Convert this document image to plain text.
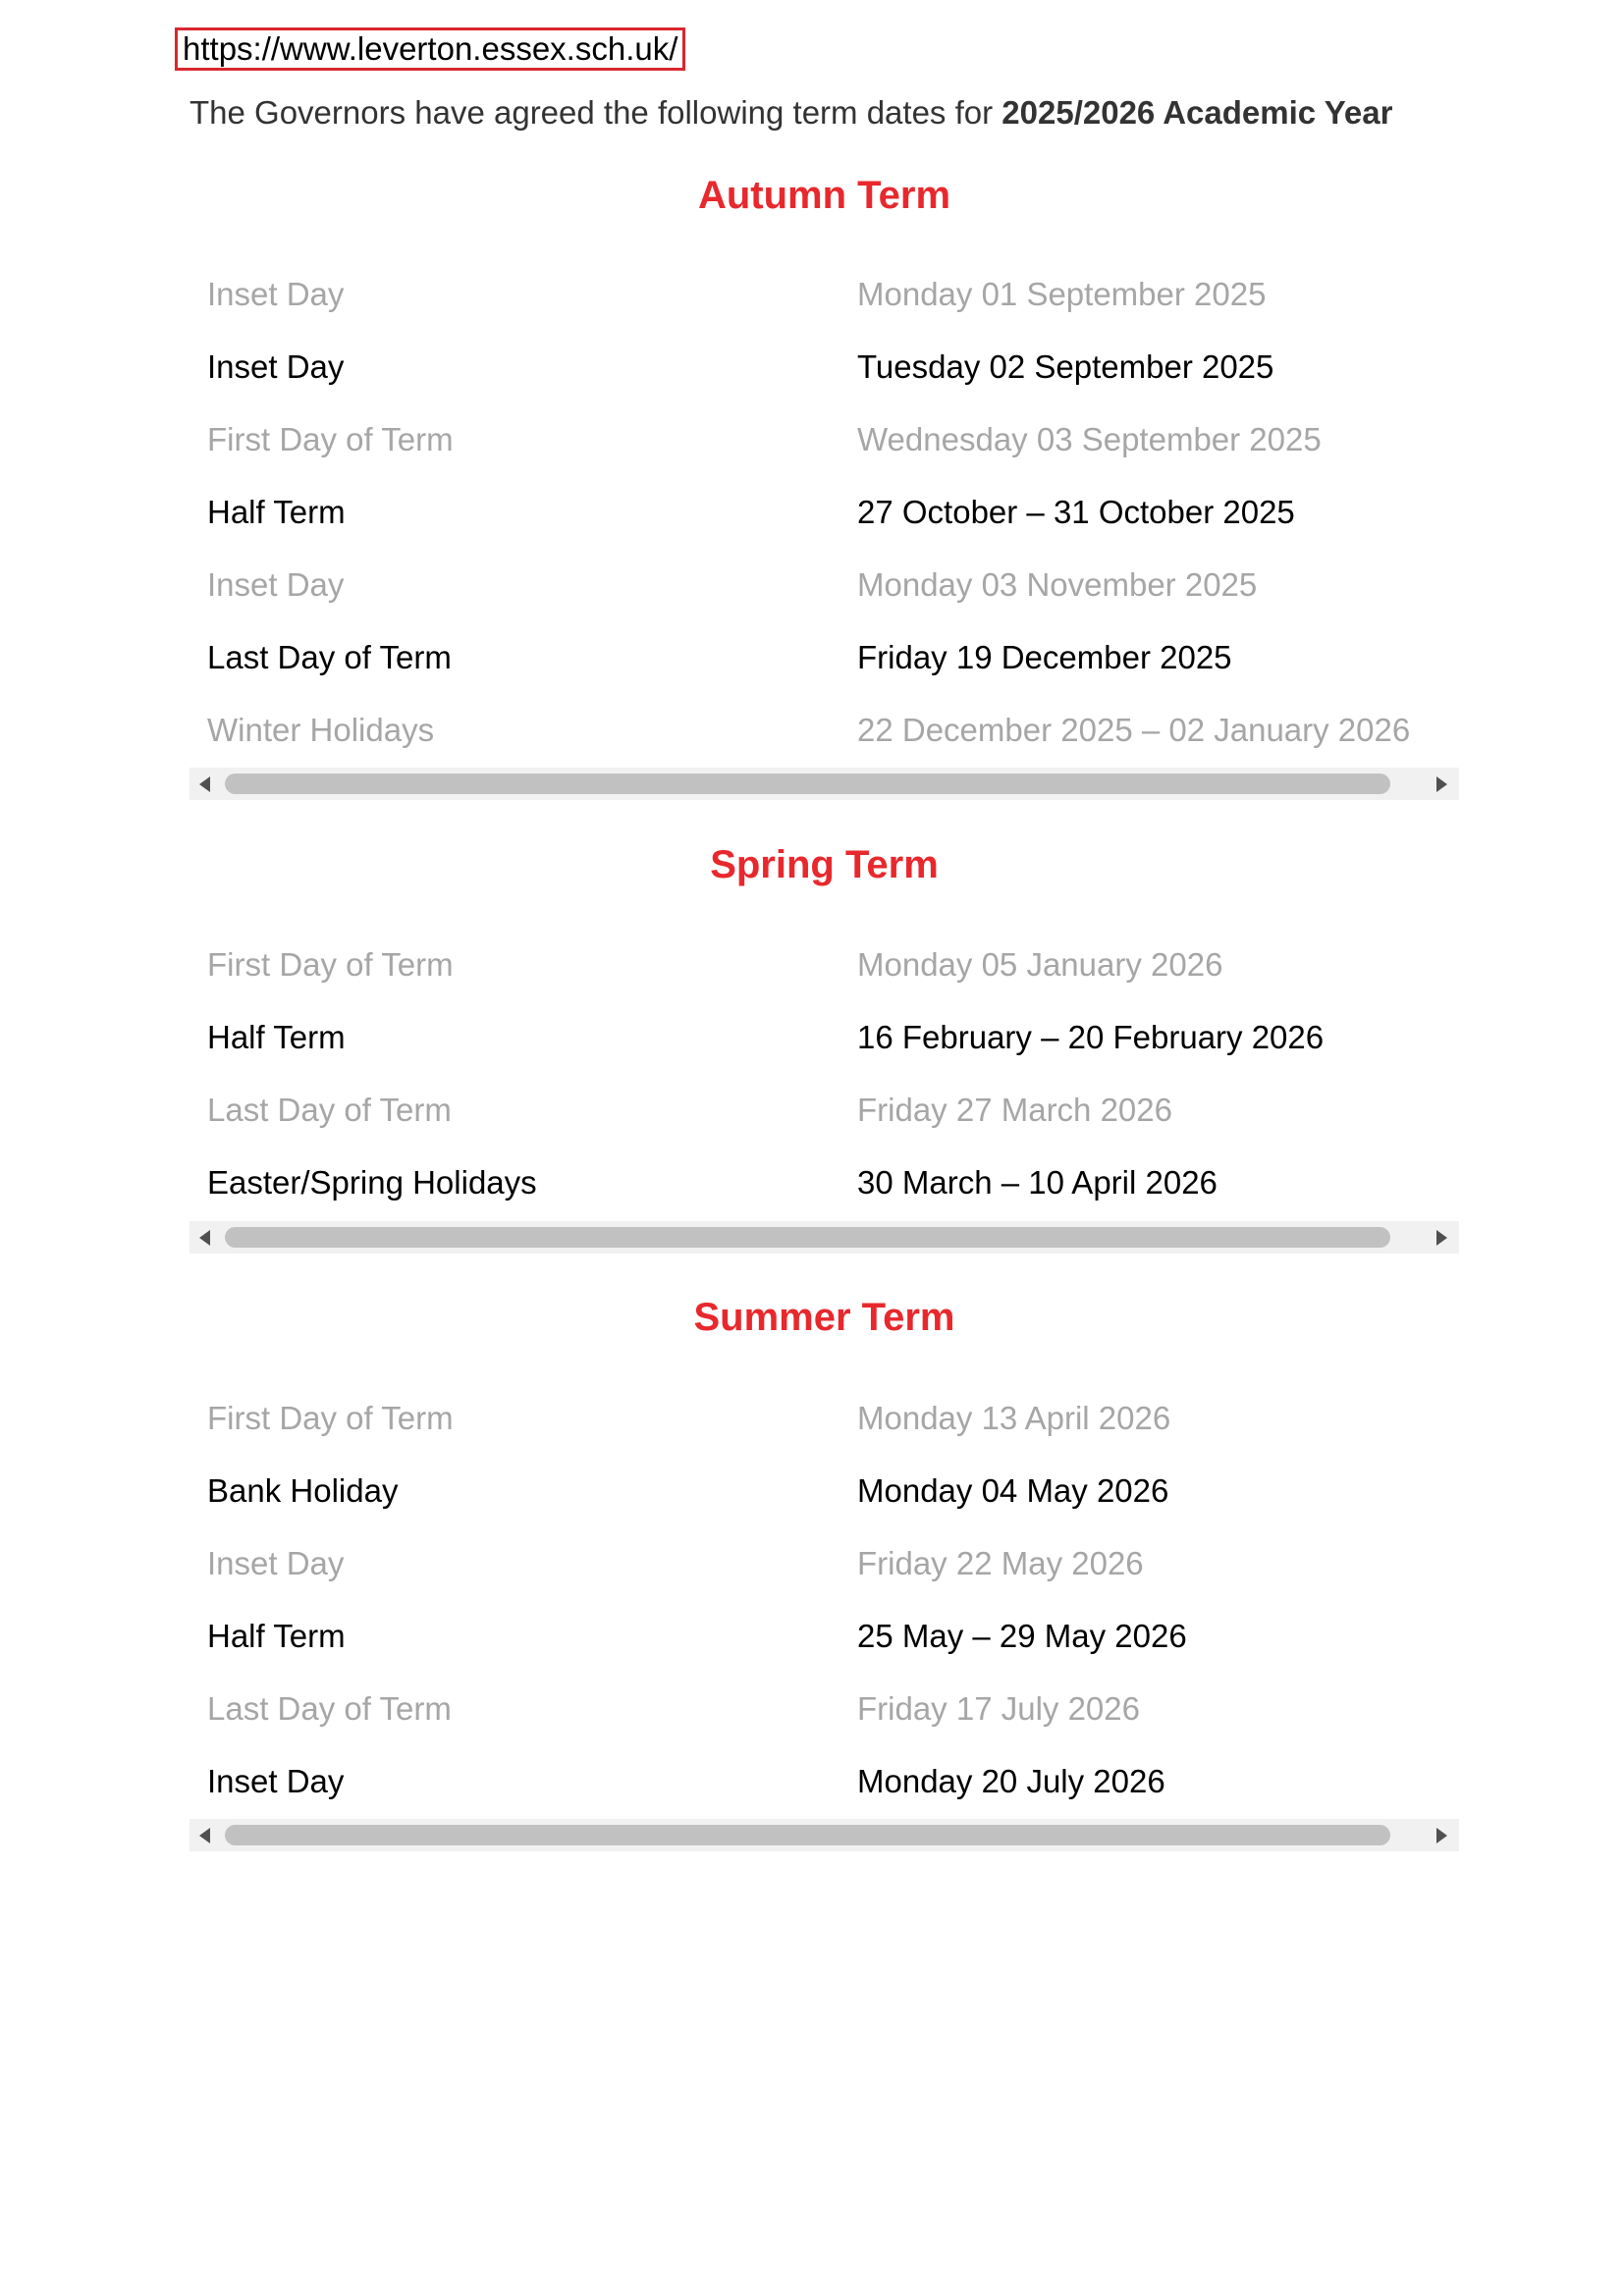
https://www.leverton.essex.sch.uk/
The Governors have agreed the following term dates for 2025/2026 Academic Year
Autumn Term
Inset Day	Monday 01 September 2025
Inset Day	Tuesday 02 September 2025
First Day of Term	Wednesday 03 September 2025
Half Term	27 October – 31 October 2025
Inset Day	Monday 03 November 2025
Last Day of Term	Friday 19 December 2025
Winter Holidays	22 December 2025 – 02 January 2026
Spring Term
First Day of Term	Monday 05 January 2026
Half Term	16 February – 20 February 2026
Last Day of Term	Friday 27 March 2026
Easter/Spring Holidays	30 March – 10 April 2026
Summer Term
First Day of Term	Monday 13 April 2026
Bank Holiday	Monday 04 May 2026
Inset Day	Friday 22 May 2026
Half Term	25 May – 29 May 2026
Last Day of Term	Friday 17 July 2026
Inset Day	Monday 20 July 2026
